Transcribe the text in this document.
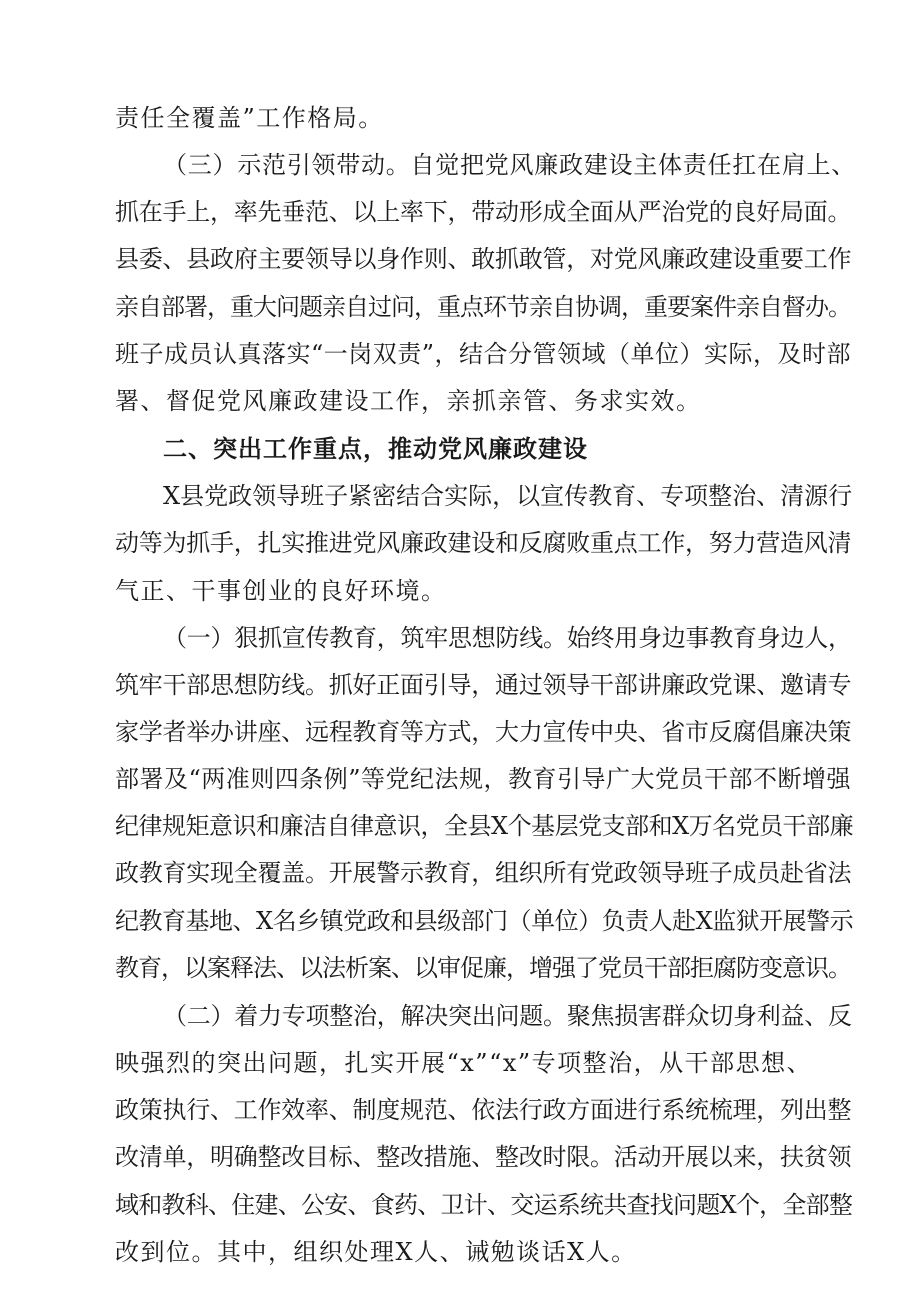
责任全覆盖”工作格局。
（三）示范引领带动。自觉把党风廉政建设主体责任扛在肩上、
抓在手上，率先垂范、以上率下，带动形成全面从严治党的良好局面。
县委、县政府主要领导以身作则、敢抓敢管，对党风廉政建设重要工作
亲自部署，重大问题亲自过问，重点环节亲自协调，重要案件亲自督办。
班子成员认真落实“一岗双责”，结合分管领域（单位）实际，及时部
署、督促党风廉政建设工作，亲抓亲管、务求实效。
二、突出工作重点，推动党风廉政建设
X县党政领导班子紧密结合实际，以宣传教育、专项整治、清源行
动等为抓手，扎实推进党风廉政建设和反腐败重点工作，努力营造风清
气正、干事创业的良好环境。
（一）狠抓宣传教育，筑牢思想防线。始终用身边事教育身边人，
筑牢干部思想防线。抓好正面引导，通过领导干部讲廉政党课、邀请专
家学者举办讲座、远程教育等方式，大力宣传中央、省市反腐倡廉决策
部署及“两准则四条例”等党纪法规，教育引导广大党员干部不断增强
纪律规矩意识和廉洁自律意识，全县X个基层党支部和X万名党员干部廉
政教育实现全覆盖。开展警示教育，组织所有党政领导班子成员赴省法
纪教育基地、X名乡镇党政和县级部门（单位）负责人赴X监狱开展警示
教育，以案释法、以法析案、以审促廉，增强了党员干部拒腐防变意识。
（二）着力专项整治，解决突出问题。聚焦损害群众切身利益、反
映强烈的突出问题，扎实开展“x”“x”专项整治，从干部思想、
政策执行、工作效率、制度规范、依法行政方面进行系统梳理，列出整
改清单，明确整改目标、整改措施、整改时限。活动开展以来，扶贫领
域和教科、住建、公安、食药、卫计、交运系统共查找问题X个，全部整
改到位。其中，组织处理X人、诫勉谈话X人。
